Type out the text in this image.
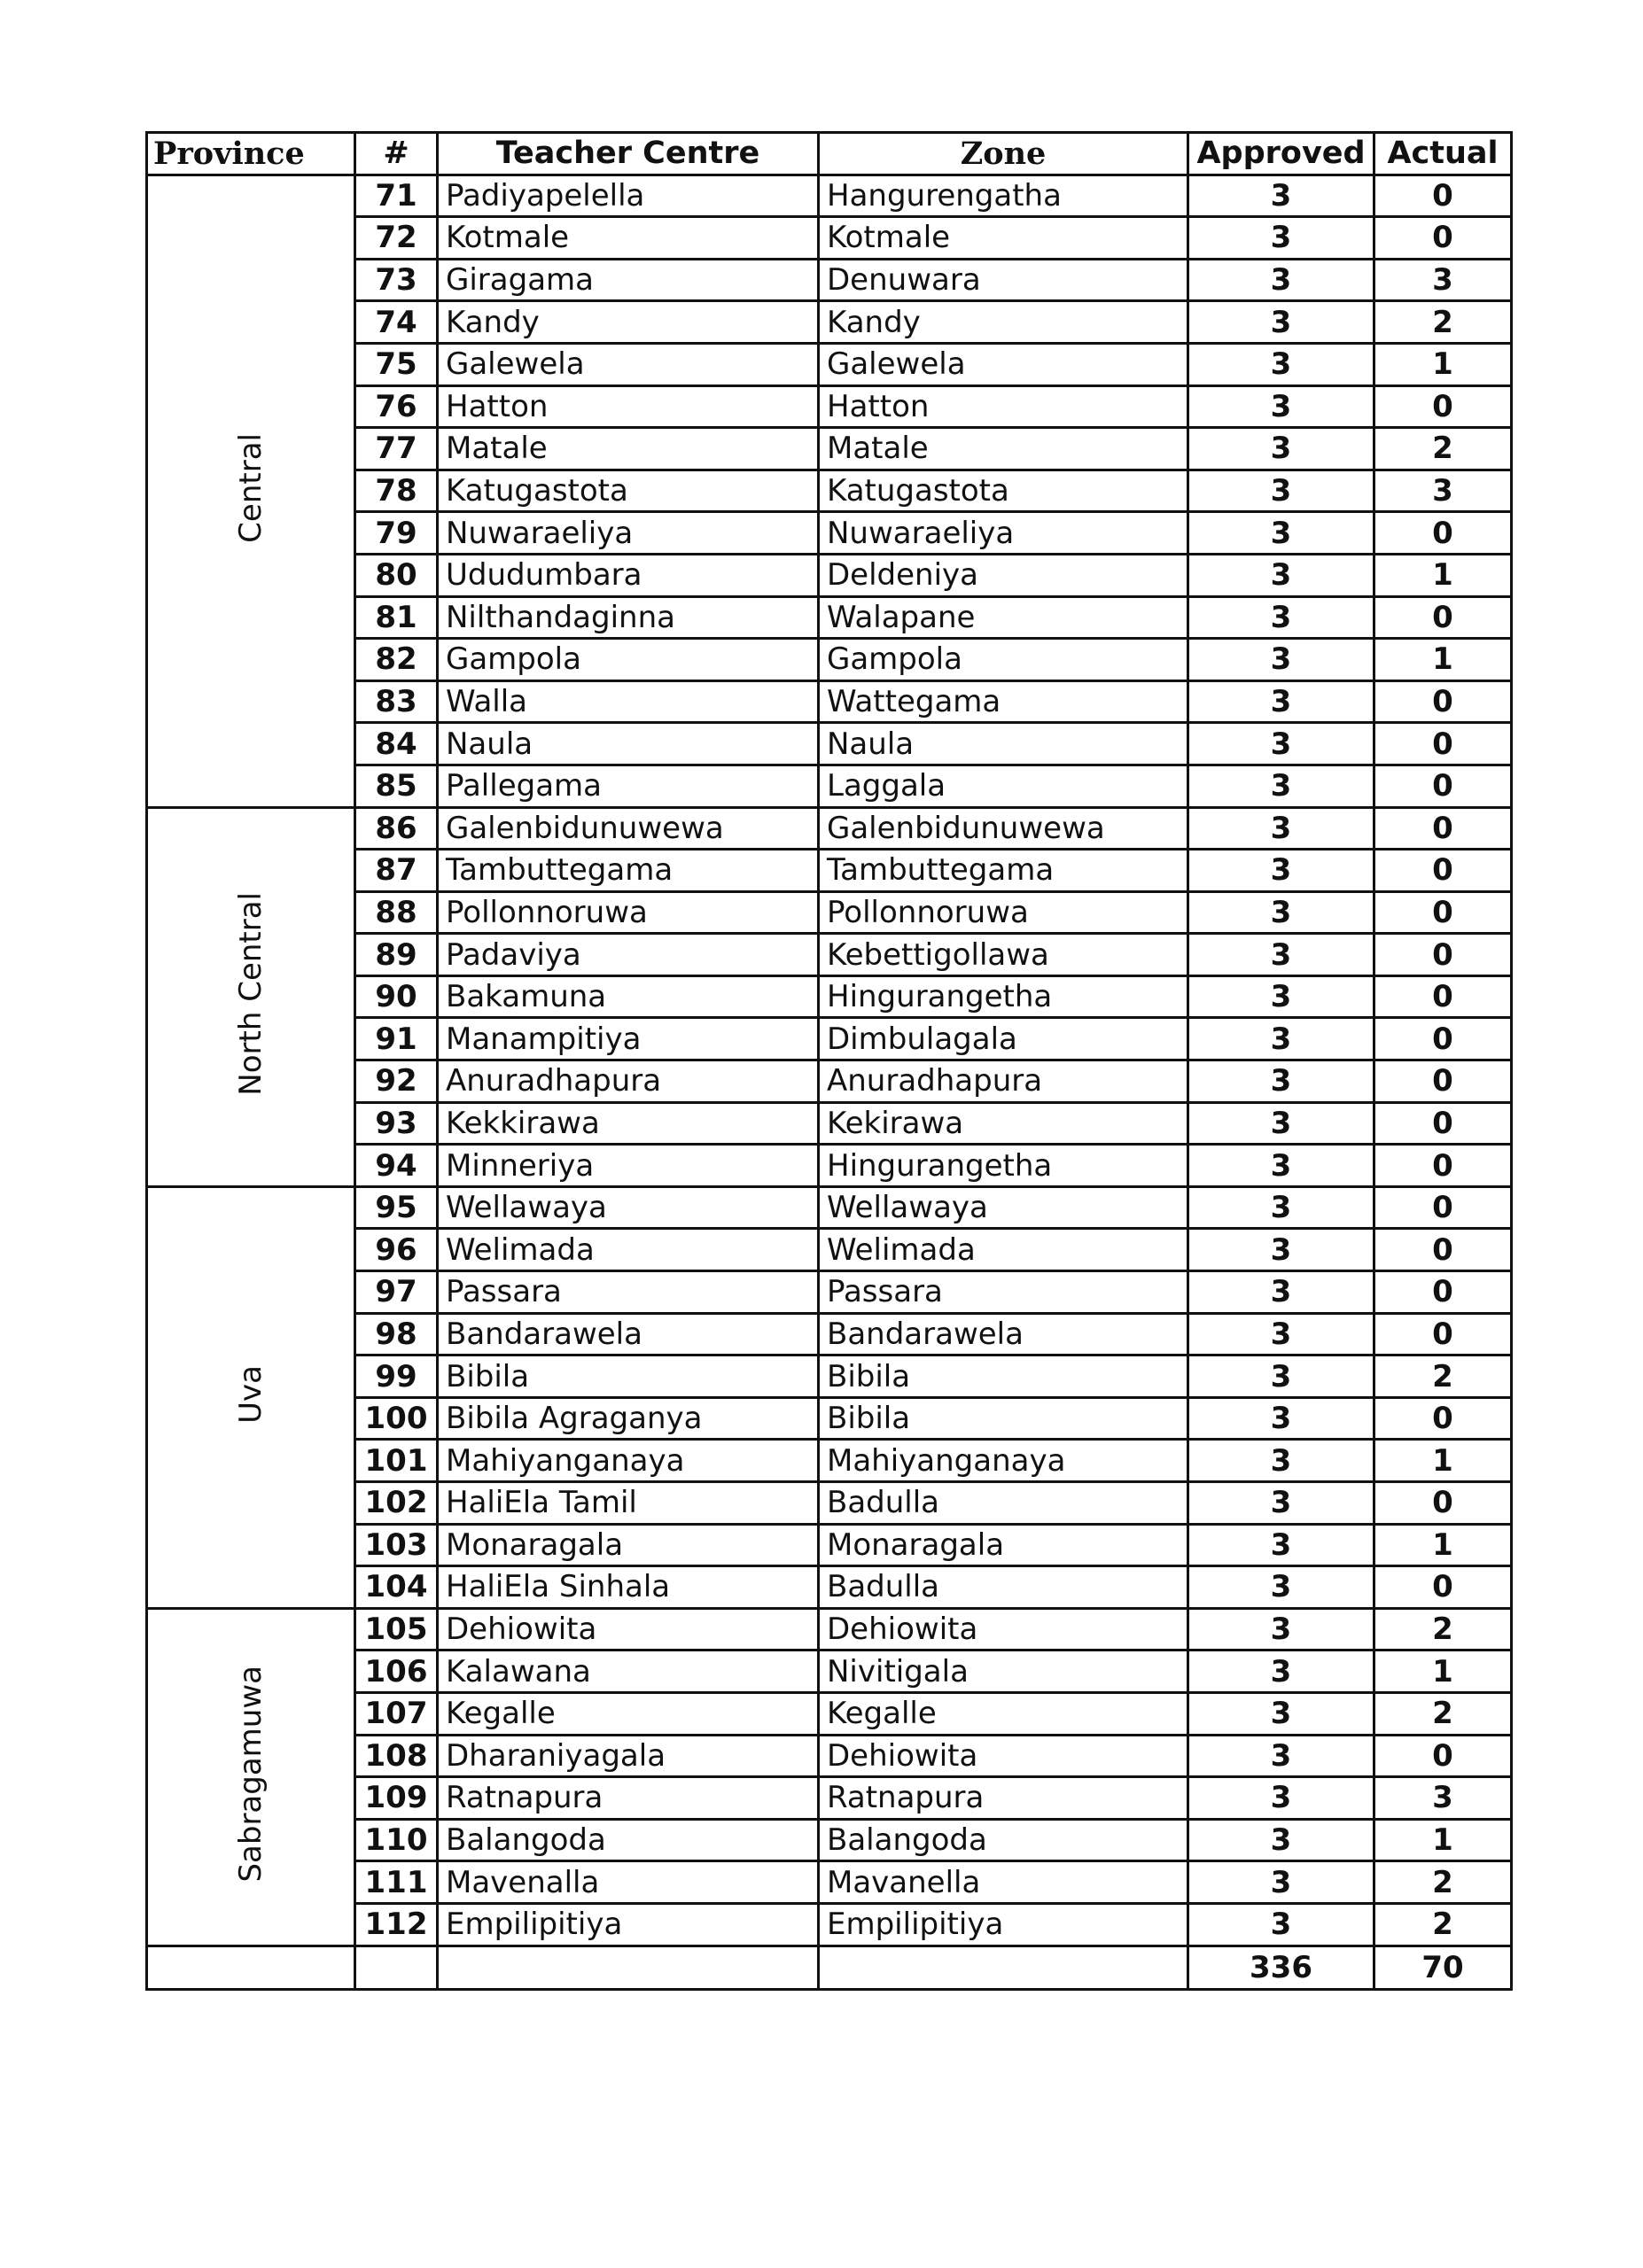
Province	#	Teacher Centre	Zone	Approved	Actual
Central	71	Padiyapelella	Hangurengatha	3	0
	72	Kotmale	Kotmale	3	0
	73	Giragama	Denuwara	3	3
	74	Kandy	Kandy	3	2
	75	Galewela	Galewela	3	1
	76	Hatton	Hatton	3	0
	77	Matale	Matale	3	2
	78	Katugastota	Katugastota	3	3
	79	Nuwaraeliya	Nuwaraeliya	3	0
	80	Ududumbara	Deldeniya	3	1
	81	Nilthandaginna	Walapane	3	0
	82	Gampola	Gampola	3	1
	83	Walla	Wattegama	3	0
	84	Naula	Naula	3	0
	85	Pallegama	Laggala	3	0
North Central	86	Galenbidunuwewa	Galenbidunuwewa	3	0
	87	Tambuttegama	Tambuttegama	3	0
	88	Pollonnoruwa	Pollonnoruwa	3	0
	89	Padaviya	Kebettigollawa	3	0
	90	Bakamuna	Hingurangetha	3	0
	91	Manampitiya	Dimbulagala	3	0
	92	Anuradhapura	Anuradhapura	3	0
	93	Kekkirawa	Kekirawa	3	0
	94	Minneriya	Hingurangetha	3	0
Uva	95	Wellawaya	Wellawaya	3	0
	96	Welimada	Welimada	3	0
	97	Passara	Passara	3	0
	98	Bandarawela	Bandarawela	3	0
	99	Bibila	Bibila	3	2
	100	Bibila Agraganya	Bibila	3	0
	101	Mahiyanganaya	Mahiyanganaya	3	1
	102	HaliEla Tamil	Badulla	3	0
	103	Monaragala	Monaragala	3	1
	104	HaliEla Sinhala	Badulla	3	0
Sabragamuwa	105	Dehiowita	Dehiowita	3	2
	106	Kalawana	Nivitigala	3	1
	107	Kegalle	Kegalle	3	2
	108	Dharaniyagala	Dehiowita	3	0
	109	Ratnapura	Ratnapura	3	3
	110	Balangoda	Balangoda	3	1
	111	Mavenalla	Mavanella	3	2
	112	Empilipitiya	Empilipitiya	3	2
				336	70
